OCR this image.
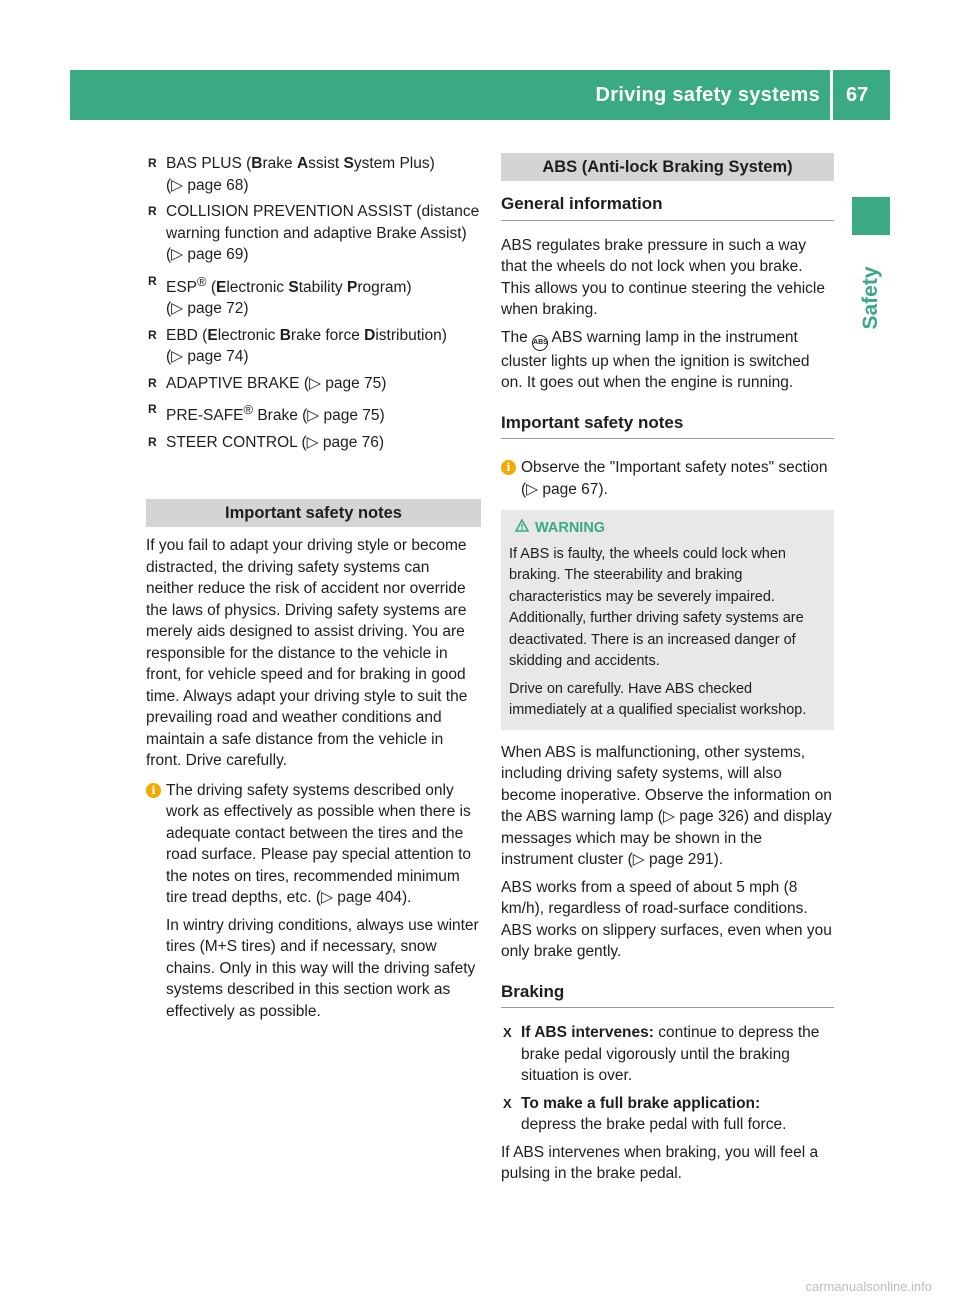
Driving safety systems 67
Safety
R BAS PLUS (Brake Assist System Plus)
(▷ page 68)
R COLLISION PREVENTION ASSIST (distance warning function and adaptive Brake Assist) (▷ page 69)
R ESP® (Electronic Stability Program)
(▷ page 72)
R EBD (Electronic Brake force Distribution)
(▷ page 74)
R ADAPTIVE BRAKE (▷ page 75)
R PRE-SAFE® Brake (▷ page 75)
R STEER CONTROL (▷ page 76)
Important safety notes

If you fail to adapt your driving style or become distracted, the driving safety systems can neither reduce the risk of accident nor override the laws of physics. Driving safety systems are merely aids designed to assist driving. You are responsible for the distance to the vehicle in front, for vehicle speed and for braking in good time. Always adapt your driving style to suit the prevailing road and weather conditions and maintain a safe distance from the vehicle in front. Drive carefully.

i The driving safety systems described only work as effectively as possible when there is adequate contact between the tires and the road surface. Please pay special attention to the notes on tires, recommended minimum tire tread depths, etc. (▷ page 404).

In wintry driving conditions, always use winter tires (M+S tires) and if necessary, snow chains. Only in this way will the driving safety systems described in this section work as effectively as possible.

ABS (Anti-lock Braking System)
General information

ABS regulates brake pressure in such a way that the wheels do not lock when you brake. This allows you to continue steering the vehicle when braking.

The ABS ABS warning lamp in the instrument cluster lights up when the ignition is switched on. It goes out when the engine is running.

Important safety notes
i Observe the "Important safety notes" section (▷ page 67).

WARNING

If ABS is faulty, the wheels could lock when braking. The steerability and braking characteristics may be severely impaired. Additionally, further driving safety systems are deactivated. There is an increased danger of skidding and accidents.

Drive on carefully. Have ABS checked immediately at a qualified specialist workshop.

When ABS is malfunctioning, other systems, including driving safety systems, will also become inoperative. Observe the information on the ABS warning lamp (▷ page 326) and display messages which may be shown in the instrument cluster (▷ page 291).

ABS works from a speed of about 5 mph (8 km/h), regardless of road-surface conditions. ABS works on slippery surfaces, even when you only brake gently.

Braking
X If ABS intervenes: continue to depress the brake pedal vigorously until the braking situation is over.
X To make a full brake application:
depress the brake pedal with full force.

If ABS intervenes when braking, you will feel a pulsing in the brake pedal.

carmanualsonline.info
